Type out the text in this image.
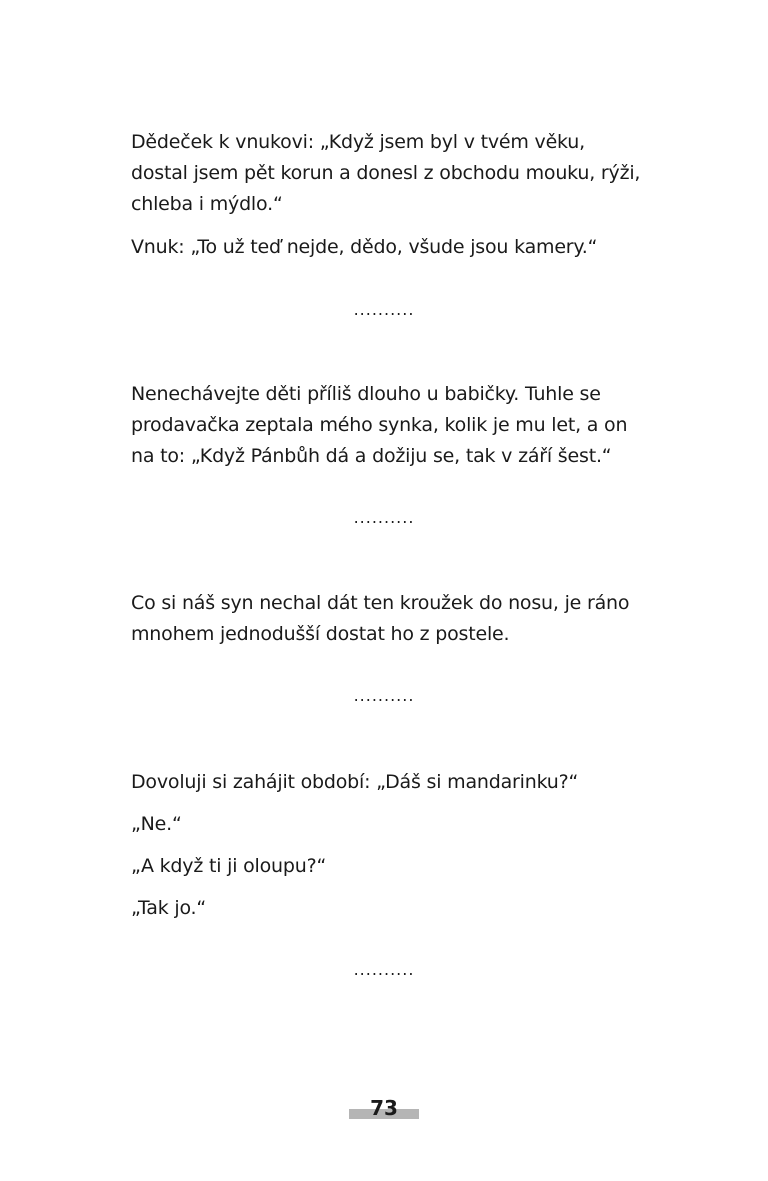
Dědeček k vnukovi: „Když jsem byl v tvém věku,
dostal jsem pět korun a donesl z obchodu mouku, rýži,
chleba i mýdlo.“

Vnuk: „To už teď nejde, dědo, všude jsou kamery.“

..........

Nenechávejte děti příliš dlouho u babičky. Tuhle se
prodavačka zeptala mého synka, kolik je mu let, a on
na to: „Když Pánbůh dá a dožiju se, tak v září šest.“

..........

Co si náš syn nechal dát ten kroužek do nosu, je ráno
mnohem jednodušší dostat ho z postele.

..........

Dovoluji si zahájit období: „Dáš si mandarinku?“

„Ne.“

„A když ti ji oloupu?“

„Tak jo.“

..........
73
